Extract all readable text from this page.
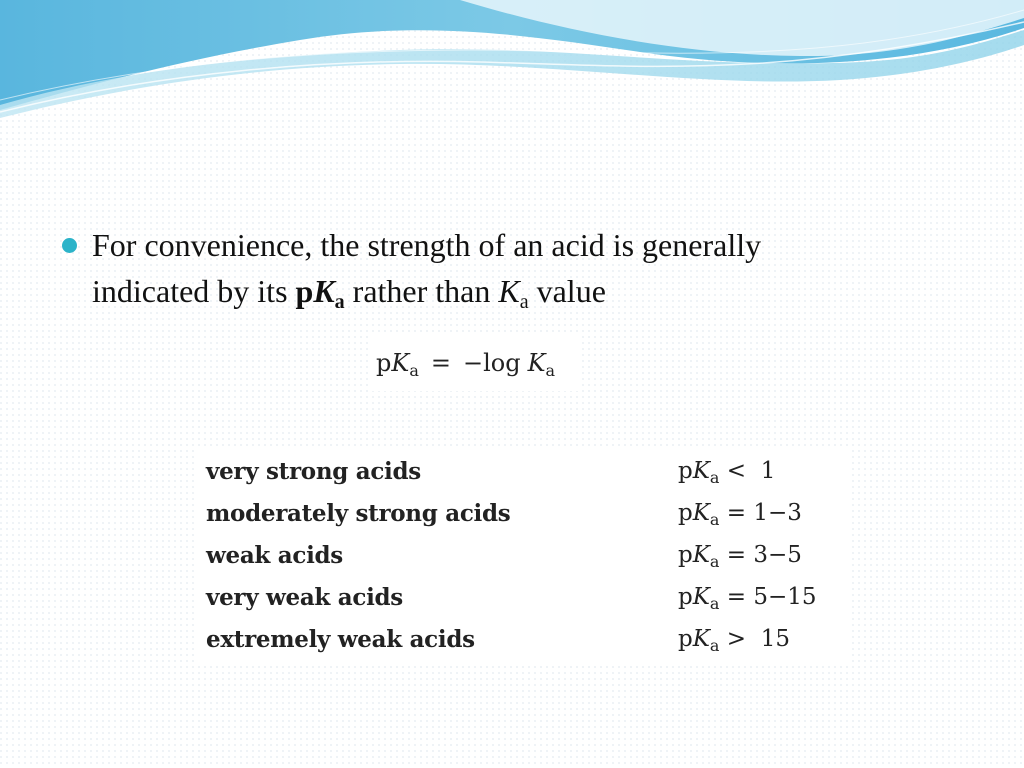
For convenience, the strength of an acid is generally
indicated by its $pK_a$ rather than $K_a$ value
$pK_a = -\log$ $K_a$
very strong acids	$pK_a < 1$
moderately strong acids	$pK_a = 1-3$
weak acids	$pK_a = 3-5$
very weak acids	$pK_a = 5-15$
extremely weak acids	$pK_a > 15$
